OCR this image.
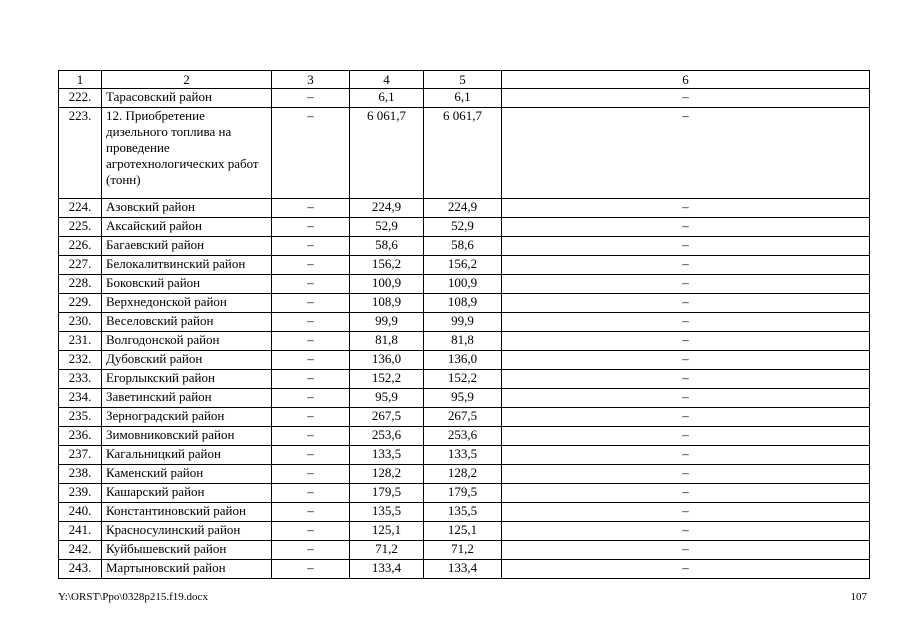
1	2	3	4	5	6
222.	Тарасовский район	–	6,1	6,1	–
223.	12. Приобретение дизельного топлива на проведение агротехнологических работ (тонн)	–	6 061,7	6 061,7	–
224.	Азовский район	–	224,9	224,9	–
225.	Аксайский район	–	52,9	52,9	–
226.	Багаевский район	–	58,6	58,6	–
227.	Белокалитвинский район	–	156,2	156,2	–
228.	Боковский район	–	100,9	100,9	–
229.	Верхнедонской район	–	108,9	108,9	–
230.	Веселовский район	–	99,9	99,9	–
231.	Волгодонской район	–	81,8	81,8	–
232.	Дубовский район	–	136,0	136,0	–
233.	Егорлыкский район	–	152,2	152,2	–
234.	Заветинский район	–	95,9	95,9	–
235.	Зерноградский район	–	267,5	267,5	–
236.	Зимовниковский район	–	253,6	253,6	–
237.	Кагальницкий район	–	133,5	133,5	–
238.	Каменский район	–	128,2	128,2	–
239.	Кашарский район	–	179,5	179,5	–
240.	Константиновский район	–	135,5	135,5	–
241.	Красносулинский район	–	125,1	125,1	–
242.	Куйбышевский район	–	71,2	71,2	–
243.	Мартыновский район	–	133,4	133,4	–
Y:\ORST\Ppo\0328p215.f19.docx	107
